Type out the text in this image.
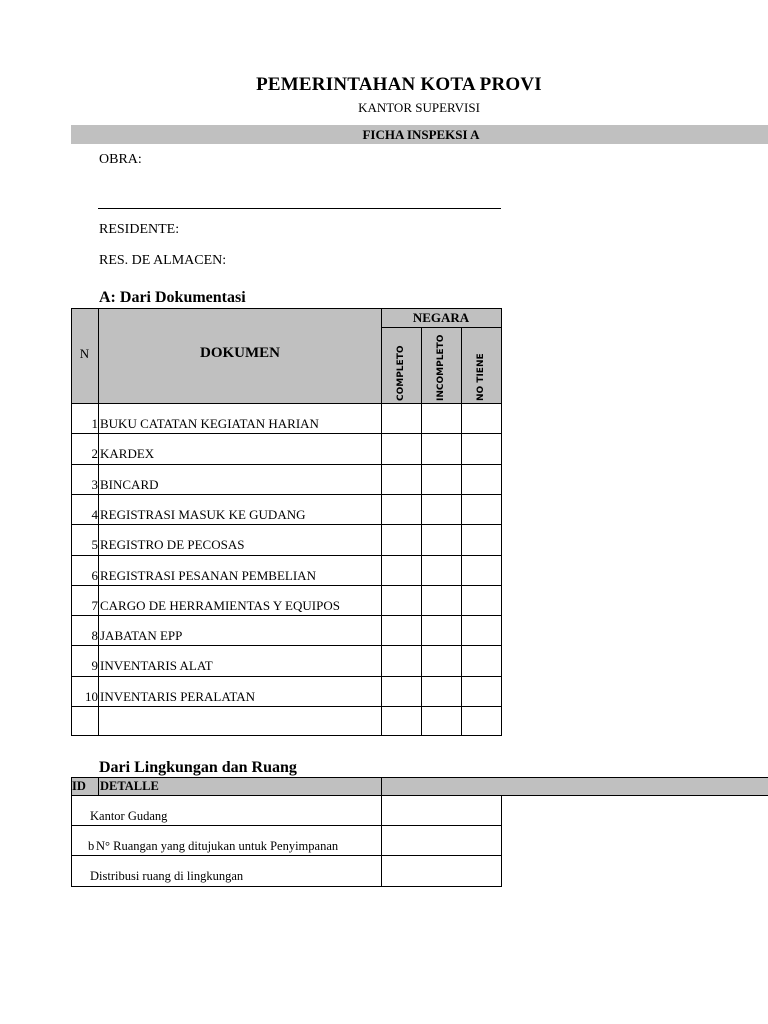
PEMERINTAHAN KOTA PROVI
KANTOR SUPERVISI
FICHA INSPEKSI A
OBRA:
RESIDENTE:
RES. DE ALMACEN:
A: Dari Dokumentasi
N	DOKUMEN
NEGARA
COMPLETO	INCOMPLETO	NO TIENE
1 BUKU CATATAN KEGIATAN HARIAN
2 KARDEX
3 BINCARD
4 REGISTRASI MASUK KE GUDANG
5 REGISTRO DE PECOSAS
6 REGISTRASI PESANAN PEMBELIAN
7 CARGO DE HERRAMIENTAS Y EQUIPOS
8 JABATAN EPP
9 INVENTARIS ALAT
10 INVENTARIS PERALATAN
Dari Lingkungan dan Ruang
ID DETALLE
Kantor Gudang
b N° Ruangan yang ditujukan untuk Penyimpanan
Distribusi ruang di lingkungan
